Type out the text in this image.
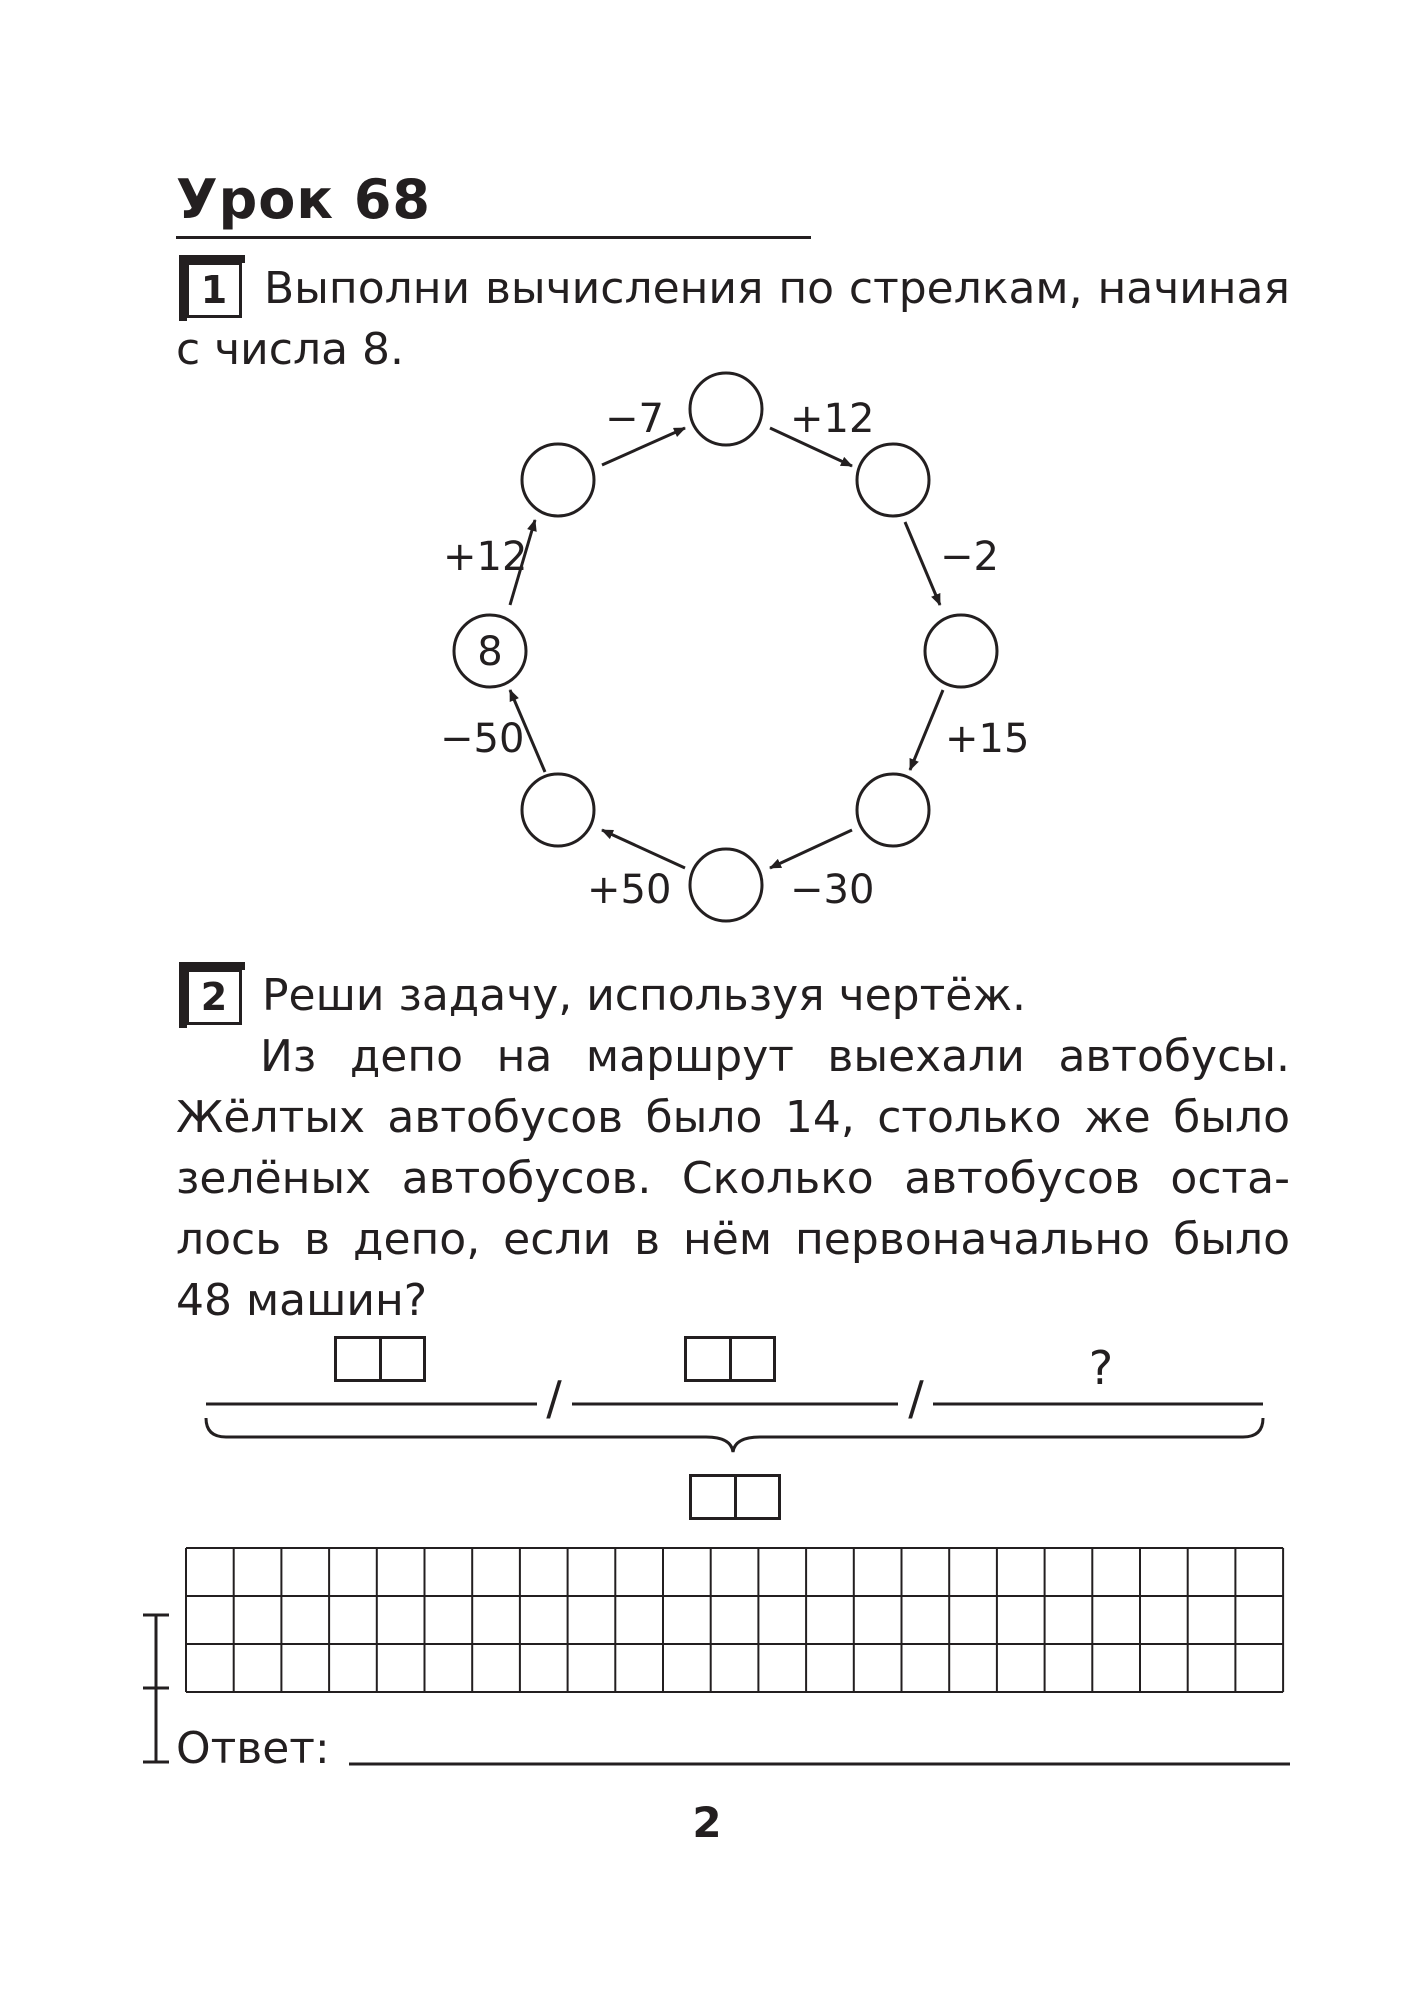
Урок 68
1 Выполни вычисления по стрелкам, начиная
с числа 8.
8
+12
−7	+12
−2
+15
−30
+50
−50
2 Реши задачу, используя чертёж.
Из депо на маршрут выехали автобусы.
Жёлтых автобусов было 14, столько же было
зелёных автобусов. Сколько автобусов оста-
лось в депо, если в нём первоначально было
48 машин?
/	/
?
Ответ:
2
